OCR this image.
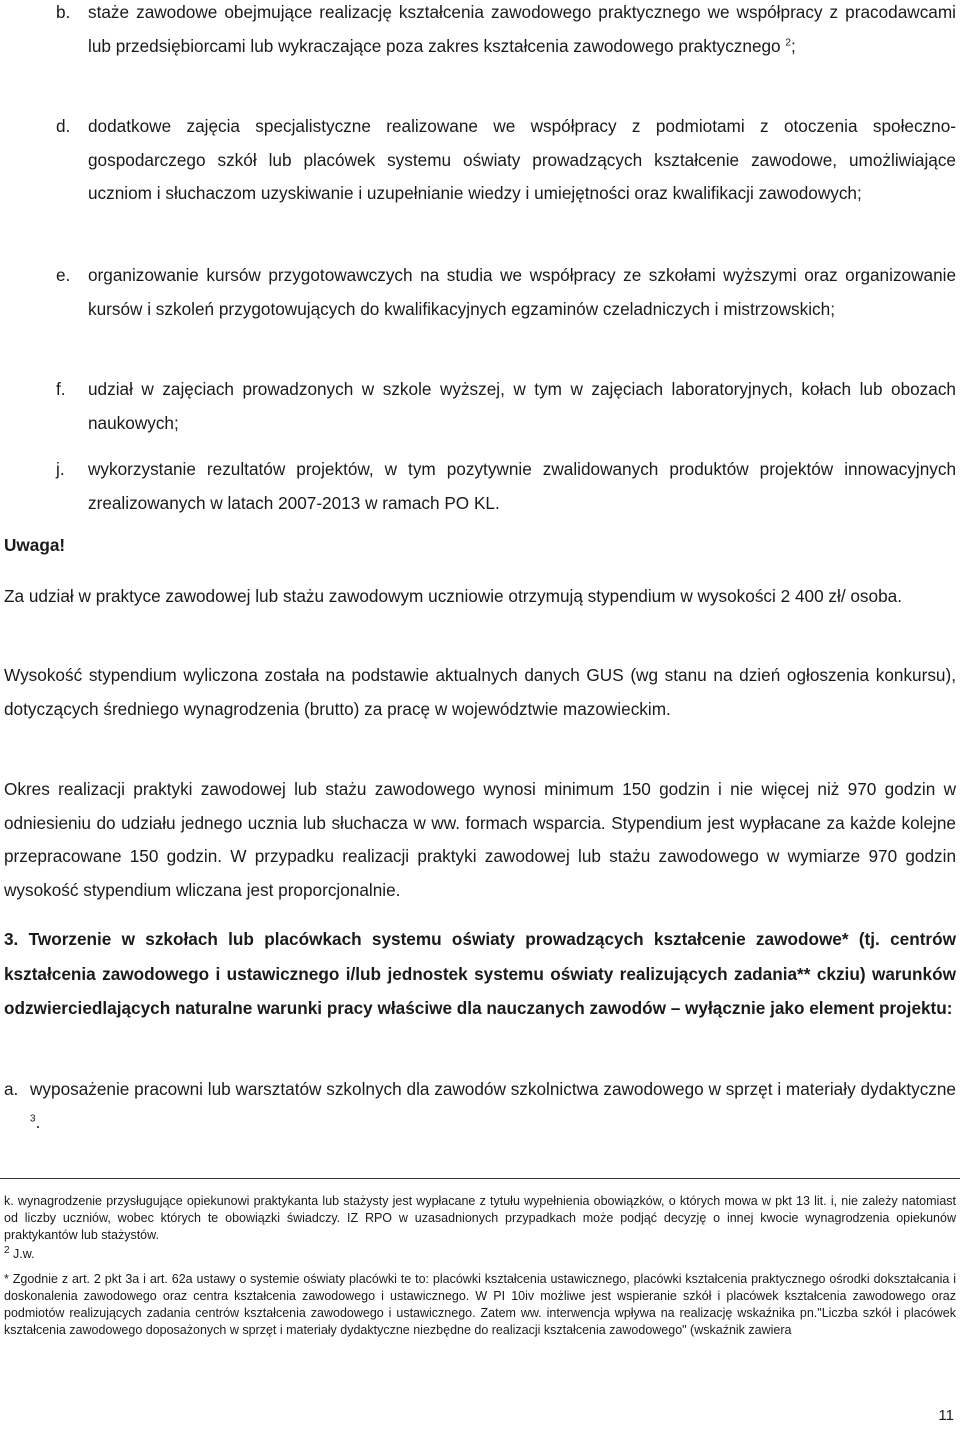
b. staże zawodowe obejmujące realizację kształcenia zawodowego praktycznego we współpracy z pracodawcami lub przedsiębiorcami lub wykraczające poza zakres kształcenia zawodowego praktycznego $^2$;
d. dodatkowe zajęcia specjalistyczne realizowane we współpracy z podmiotami z otoczenia społeczno-gospodarczego szkół lub placówek systemu oświaty prowadzących kształcenie zawodowe, umożliwiające uczniom i słuchaczom uzyskiwanie i uzupełnianie wiedzy i umiejętności oraz kwalifikacji zawodowych;
e. organizowanie kursów przygotowawczych na studia we współpracy ze szkołami wyższymi oraz organizowanie kursów i szkoleń przygotowujących do kwalifikacyjnych egzaminów czeladniczych i mistrzowskich;
f. udział w zajęciach prowadzonych w szkole wyższej, w tym w zajęciach laboratoryjnych, kołach lub obozach naukowych;
j. wykorzystanie rezultatów projektów, w tym pozytywnie zwalidowanych produktów projektów innowacyjnych zrealizowanych w latach 2007-2013 w ramach PO KL.
Uwaga!

Za udział w praktyce zawodowej lub stażu zawodowym uczniowie otrzymują stypendium w wysokości 2 400 zł/ osoba.

Wysokość stypendium wyliczona została na podstawie aktualnych danych GUS (wg stanu na dzień ogłoszenia konkursu), dotyczących średniego wynagrodzenia (brutto) za pracę w województwie mazowieckim.

Okres realizacji praktyki zawodowej lub stażu zawodowego wynosi minimum 150 godzin i nie więcej niż 970 godzin w odniesieniu do udziału jednego ucznia lub słuchacza w ww. formach wsparcia. Stypendium jest wypłacane za każde kolejne przepracowane 150 godzin. W przypadku realizacji praktyki zawodowej lub stażu zawodowego w wymiarze 970 godzin wysokość stypendium wliczana jest proporcjonalnie.

3. Tworzenie w szkołach lub placówkach systemu oświaty prowadzących kształcenie zawodowe* (tj. centrów kształcenia zawodowego i ustawicznego i/lub jednostek systemu oświaty realizujących zadania** ckziu) warunków odzwierciedlających naturalne warunki pracy właściwe dla nauczanych zawodów – wyłącznie jako element projektu:
a. wyposażenie pracowni lub warsztatów szkolnych dla zawodów szkolnictwa zawodowego w sprzęt i materiały dydaktyczne $^3$.
k. wynagrodzenie przysługujące opiekunowi praktykanta lub stażysty jest wypłacane z tytułu wypełnienia obowiązków, o których mowa w pkt 13 lit. i, nie zależy natomiast od liczby uczniów, wobec których te obowiązki świadczy. IZ RPO w uzasadnionych przypadkach może podjąć decyzję o innej kwocie wynagrodzenia opiekunów praktykantów lub stażystów.
$^2$ J.w.
* Zgodnie z art. 2 pkt 3a i art. 62a ustawy o systemie oświaty placówki te to: placówki kształcenia ustawicznego, placówki kształcenia praktycznego ośrodki dokształcania i doskonalenia zawodowego oraz centra kształcenia zawodowego i ustawicznego. W PI 10iv możliwe jest wspieranie szkół i placówek kształcenia zawodowego oraz podmiotów realizujących zadania centrów kształcenia zawodowego i ustawicznego. Zatem ww. interwencja wpływa na realizację wskaźnika pn."Liczba szkół i placówek kształcenia zawodowego doposażonych w sprzęt i materiały dydaktyczne niezbędne do realizacji kształcenia zawodowego" (wskaźnik zawiera
11
